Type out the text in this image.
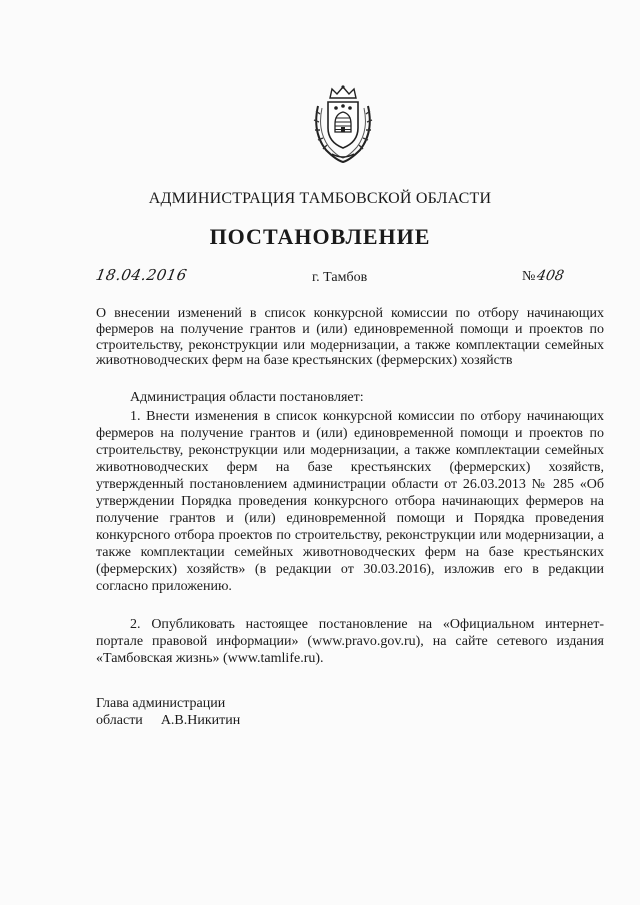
АДМИНИСТРАЦИЯ ТАМБОВСКОЙ ОБЛАСТИ
ПОСТАНОВЛЕНИЕ
18.04.2016	г. Тамбов	№408
О внесении изменений в список конкурсной комиссии по отбору начинающих фермеров на получение грантов и (или) единовременной помощи и проектов по строительству, реконструкции или модернизации, а также комплектации семейных животноводческих ферм на базе крестьянских (фермерских) хозяйств
Администрация области постановляет:
1. Внести изменения в список конкурсной комиссии по отбору начинающих фермеров на получение грантов и (или) единовременной помощи и проектов по строительству, реконструкции или модернизации, а также комплектации семейных животноводческих ферм на базе крестьянских (фермерских) хозяйств, утвержденный постановлением администрации области от 26.03.2013 № 285 «Об утверждении Порядка проведения конкурсного отбора начинающих фермеров на получение грантов и (или) единовременной помощи и Порядка проведения конкурсного отбора проектов по строительству, реконструкции или модернизации, а также комплектации семейных животноводческих ферм на базе крестьянских (фермерских) хозяйств» (в редакции от 30.03.2016), изложив его в редакции согласно приложению.
2. Опубликовать настоящее постановление на «Официальном интернет-портале правовой информации» (www.pravo.gov.ru), на сайте сетевого издания «Тамбовская жизнь» (www.tamlife.ru).
Глава администрации
области А.В.Никитин
